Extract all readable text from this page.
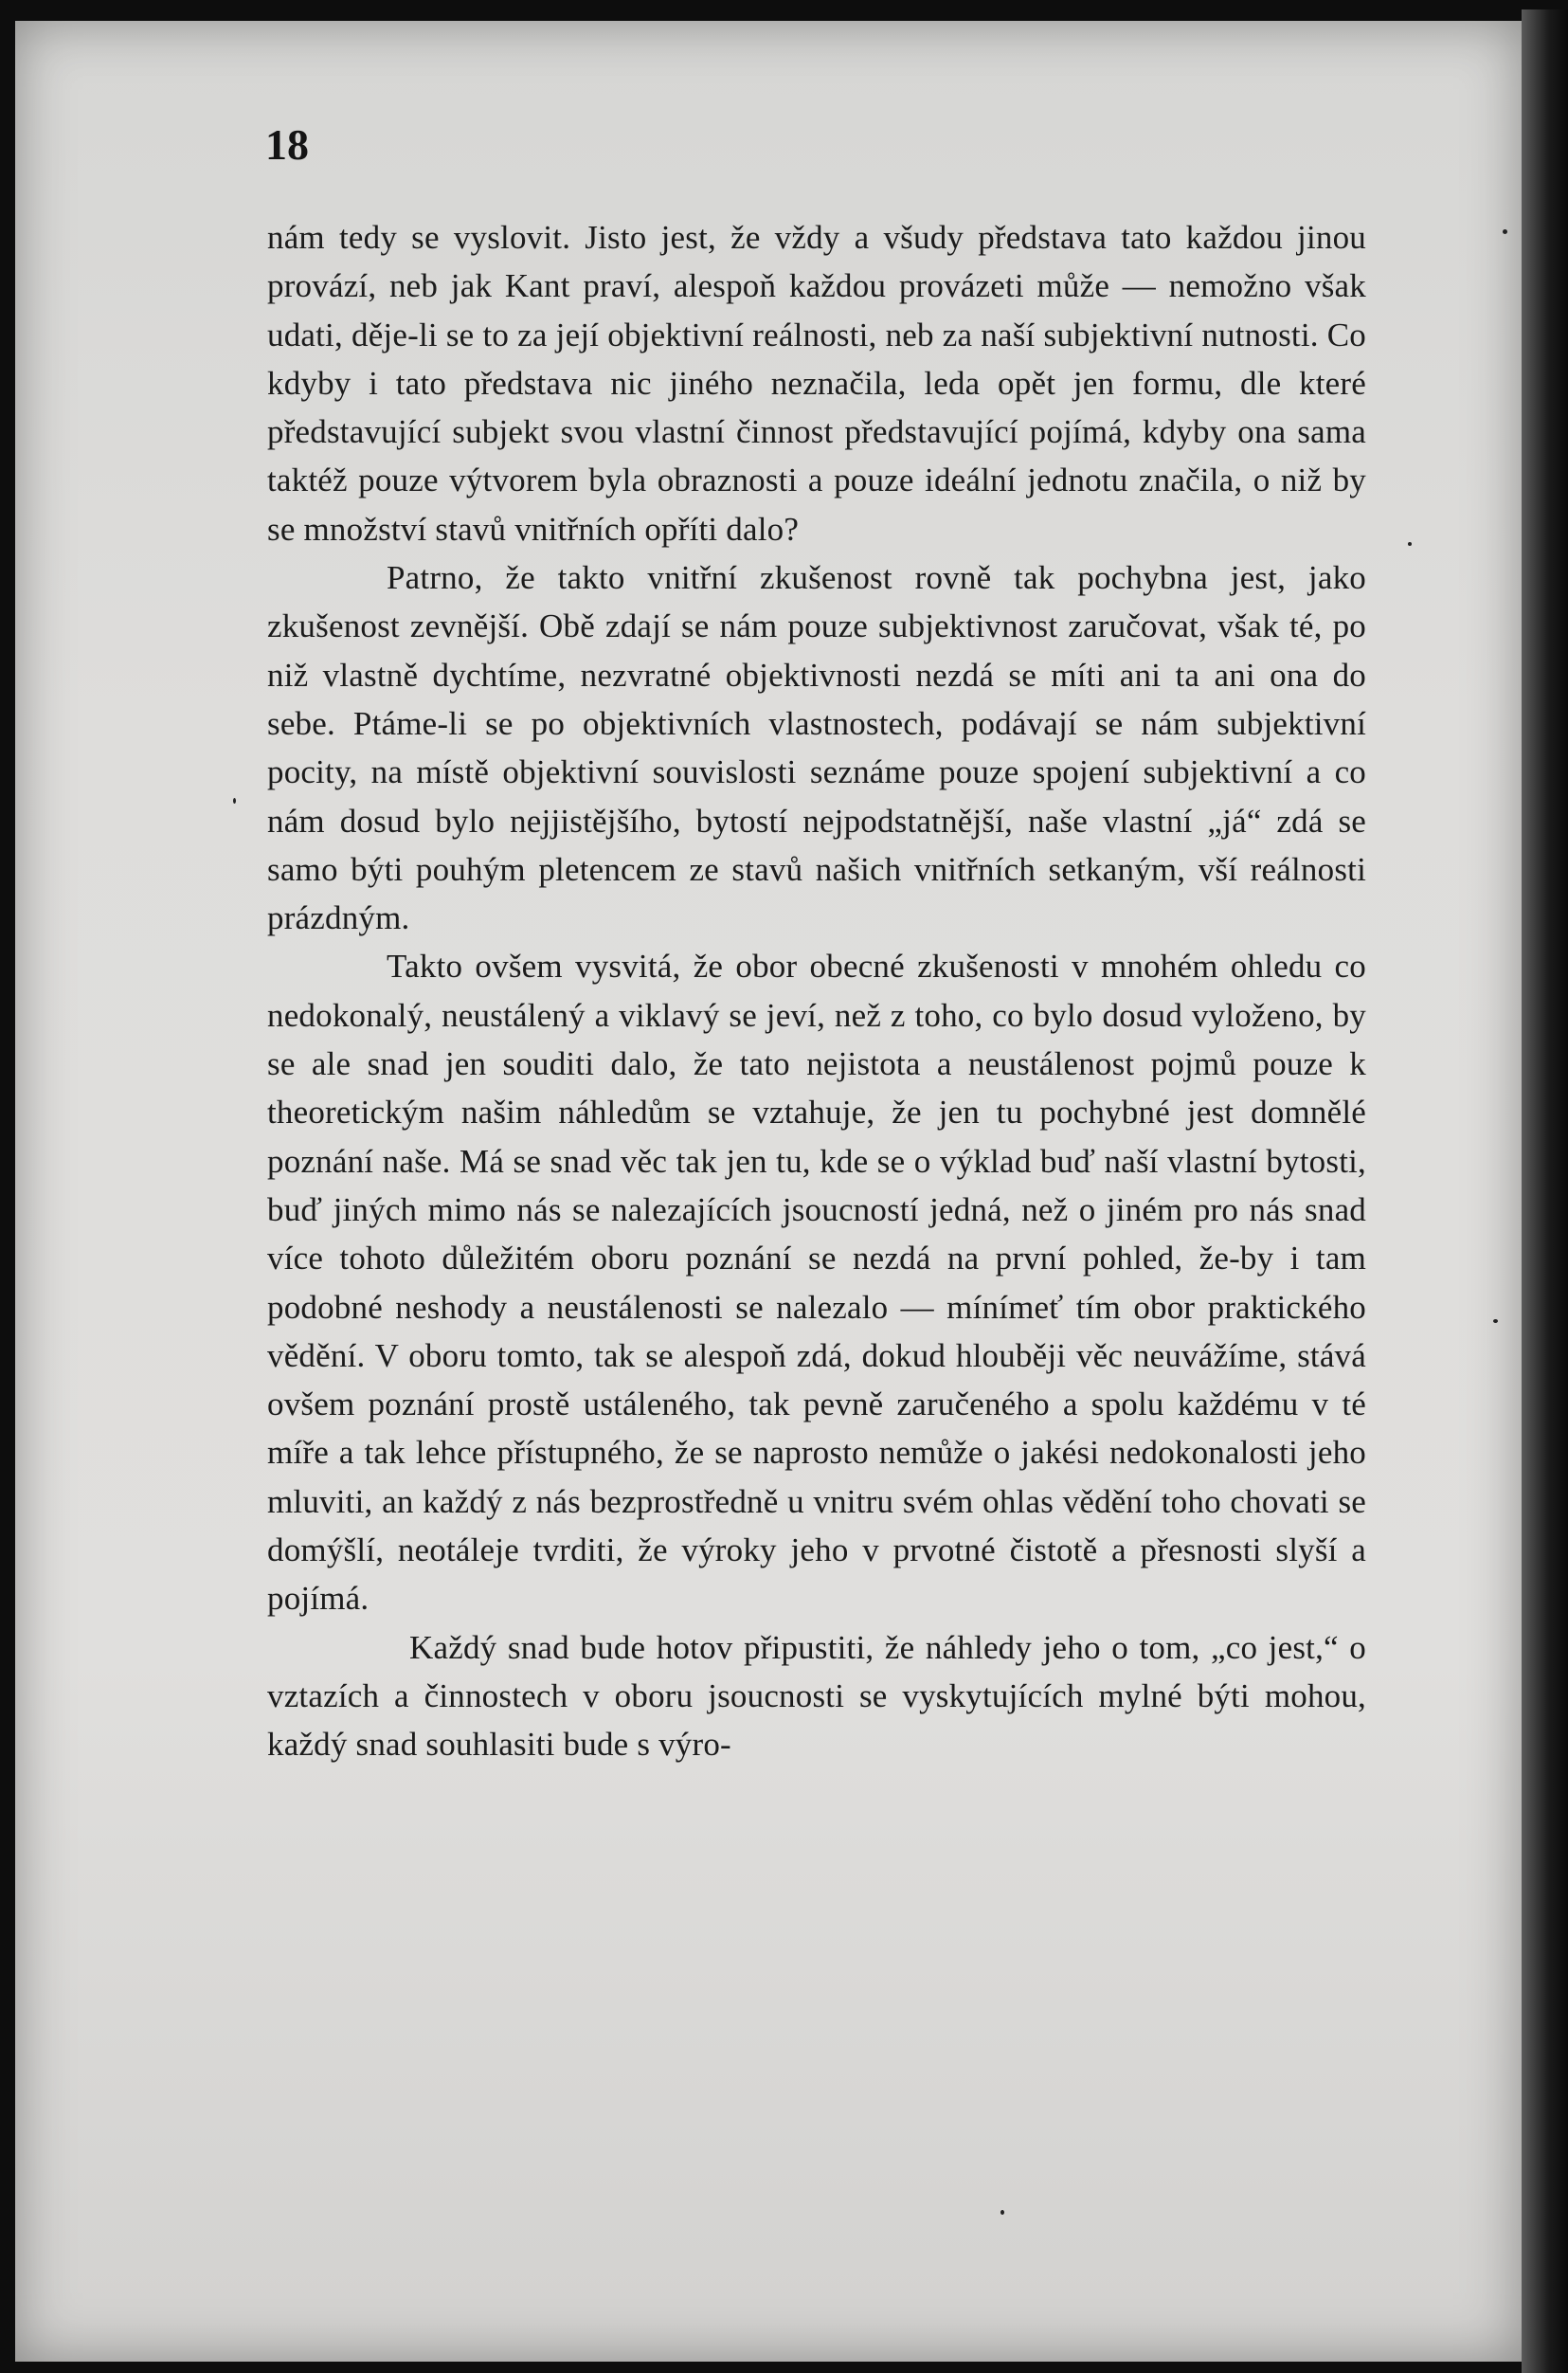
18

nám tedy se vyslovit. Jisto jest, že vždy a všudy představa tato každou jinou provází, neb jak Kant praví, alespoň každou provázeti může — nemožno však udati, děje-li se to za její objektivní reálnosti, neb za naší subjektivní nutnosti. Co kdyby i tato představa nic jiného neznačila, leda opět jen formu, dle které představující subjekt svou vlastní činnost představující pojímá, kdyby ona sama taktéž pouze výtvorem byla obraznosti a pouze ideální jednotu značila, o niž by se množství stavů vnitřních opříti dalo?

Patrno, že takto vnitřní zkušenost rovně tak pochybna jest, jako zkušenost zevnější. Obě zdají se nám pouze subjektivnost zaručovat, však té, po niž vlastně dychtíme, nezvratné objektivnosti nezdá se míti ani ta ani ona do sebe. Ptáme-li se po objektivních vlastnostech, podávají se nám subjektivní pocity, na místě objektivní souvislosti seznáme pouze spojení subjektivní a co nám dosud bylo nejjistějšího, bytostí nejpodstatnější, naše vlastní „já“ zdá se samo býti pouhým pletencem ze stavů našich vnitřních setkaným, vší reálnosti prázdným.

Takto ovšem vysvitá, že obor obecné zkušenosti v mnohém ohledu co nedokonalý, neustálený a viklavý se jeví, než z toho, co bylo dosud vyloženo, by se ale snad jen souditi dalo, že tato nejistota a neustálenost pojmů pouze k theoretickým našim náhledům se vztahuje, že jen tu pochybné jest domnělé poznání naše. Má se snad věc tak jen tu, kde se o výklad buď naší vlastní bytosti, buď jiných mimo nás se nalezajících jsoucností jedná, než o jiném pro nás snad více tohoto důležitém oboru poznání se nezdá na první pohled, že-by i tam podobné neshody a neustálenosti se nalezalo — mínímeť tím obor praktického vědění. V oboru tomto, tak se alespoň zdá, dokud hlouběji věc neuvážíme, stává ovšem poznání prostě ustáleného, tak pevně zaručeného a spolu každému v té míře a tak lehce přístupného, že se naprosto nemůže o jakési nedokonalosti jeho mluviti, an každý z nás bezprostředně u vnitru svém ohlas vědění toho chovati se domýšlí, neotáleje tvrditi, že výroky jeho v prvotné čistotě a přesnosti slyší a pojímá.

Každý snad bude hotov připustiti, že náhledy jeho o tom, „co jest,“ o vztazích a činnostech v oboru jsoucnosti se vyskytujících mylné býti mohou, každý snad souhlasiti bude s výro-
